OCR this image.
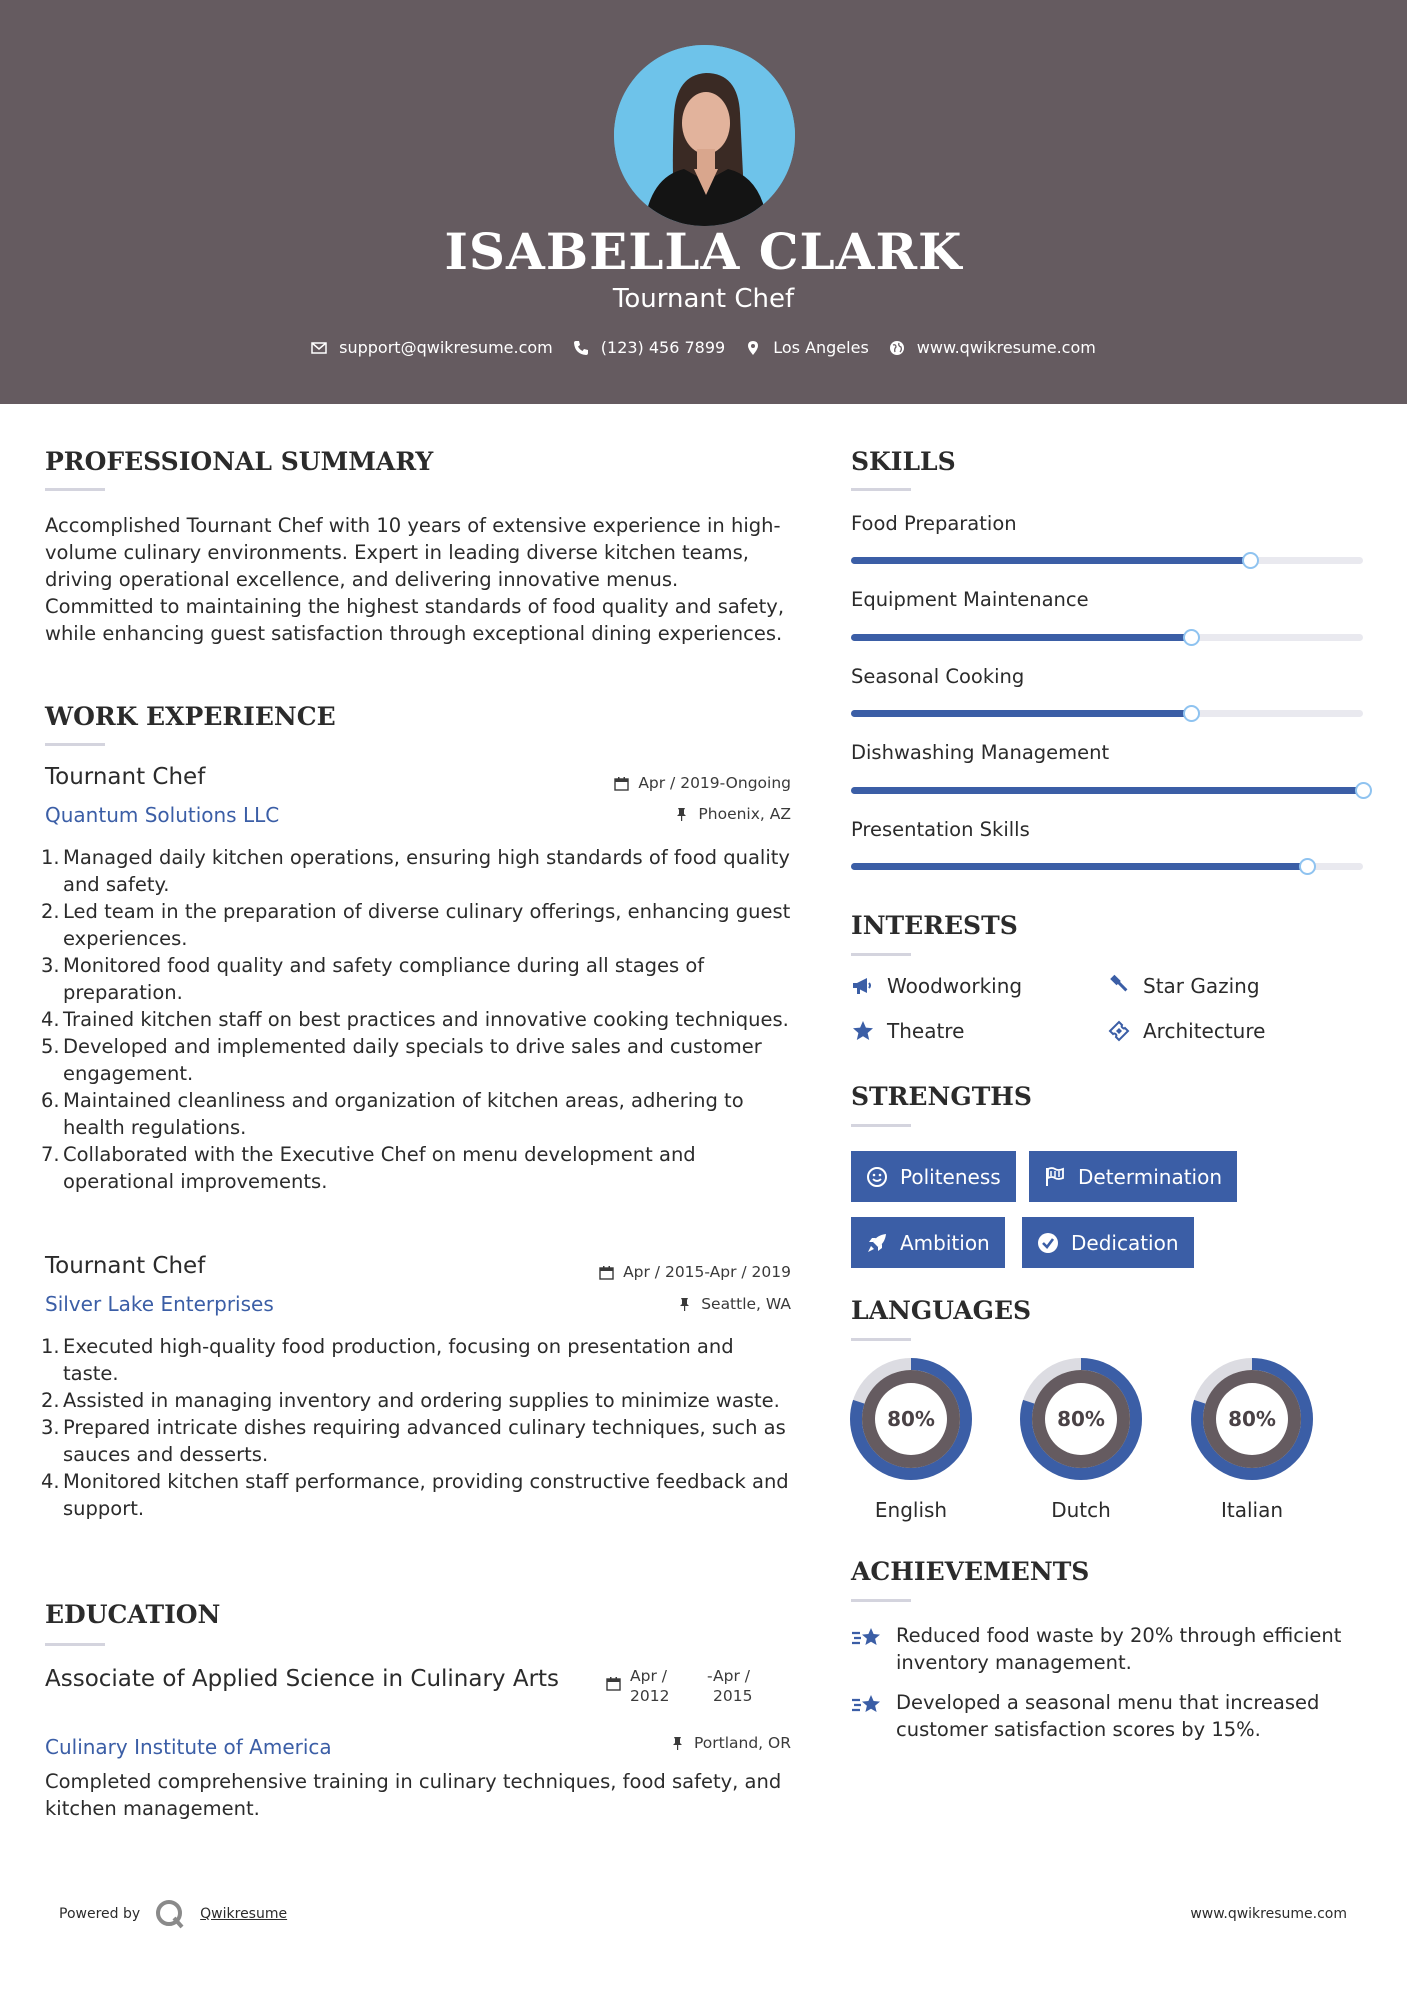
ISABELLA CLARK
Tournant Chef
support@qwikresume.com	(123) 456 7899	Los Angeles	www.qwikresume.com
PROFESSIONAL SUMMARY

Accomplished Tournant Chef with 10 years of extensive experience in high-volume culinary environments. Expert in leading diverse kitchen teams, driving operational excellence, and delivering innovative menus. Committed to maintaining the highest standards of food quality and safety, while enhancing guest satisfaction through exceptional dining experiences.

WORK EXPERIENCE
Tournant Chef
Quantum Solutions LLC
Apr / 2019-Ongoing
Phoenix, AZ
1. Managed daily kitchen operations, ensuring high standards of food quality and safety.
2. Led team in the preparation of diverse culinary offerings, enhancing guest experiences.
3. Monitored food quality and safety compliance during all stages of preparation.
4. Trained kitchen staff on best practices and innovative cooking techniques.
5. Developed and implemented daily specials to drive sales and customer engagement.
6. Maintained cleanliness and organization of kitchen areas, adhering to health regulations.
7. Collaborated with the Executive Chef on menu development and operational improvements.
Tournant Chef
Silver Lake Enterprises
Apr / 2015-Apr / 2019
Seattle, WA
1. Executed high-quality food production, focusing on presentation and taste.
2. Assisted in managing inventory and ordering supplies to minimize waste.
3. Prepared intricate dishes requiring advanced culinary techniques, such as sauces and desserts.
4. Monitored kitchen staff performance, providing constructive feedback and support.
EDUCATION
Associate of Applied Science in Culinary Arts	Apr /
2012
- Apr /
2015
Culinary Institute of America	Portland, OR

Completed comprehensive training in culinary techniques, food safety, and kitchen management.

SKILLS
Food Preparation
Equipment Maintenance
Seasonal Cooking
Dishwashing Management
Presentation Skills
INTERESTS
Woodworking	Star Gazing
Theatre	Architecture
STRENGTHS
Politeness	Determination
Ambition	Dedication
LANGUAGES
80%
English
80%
Dutch
80%
Italian
ACHIEVEMENTS
Reduced food waste by 20% through efficient inventory management.
Developed a seasonal menu that increased customer satisfaction scores by 15%.
Powered by	Qwikresume	www.qwikresume.com
